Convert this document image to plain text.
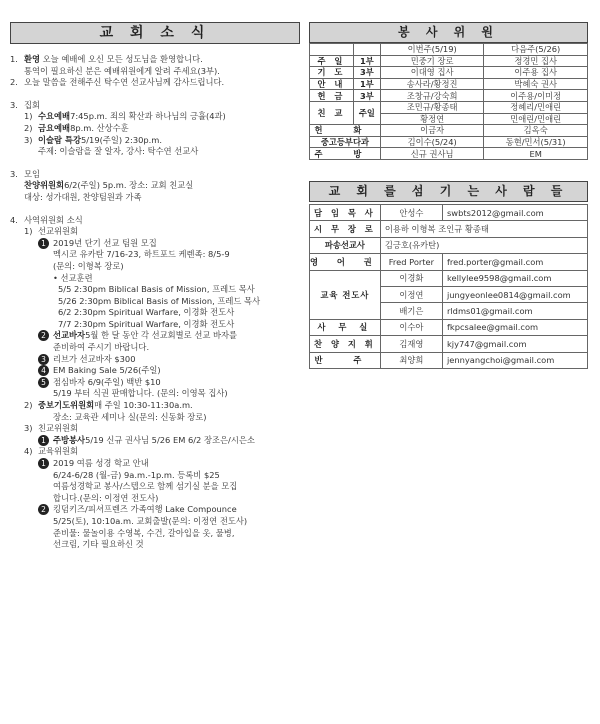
교 회 소 식
1. 환영 오늘 예배에 오신 모든 성도님을 환영합니다.
통역이 필요하신 분은 예배위원에게 알려 주세요(3부).
2. 오늘 말씀을 전해주신 탁수연 선교사님께 감사드립니다.
3. 집회
1) 수요예배 7:45p.m. 죄의 확산과 하나님의 긍휼(4과)
2) 금요예배 8p.m. 산상수훈
3) 이슬람 특강 5/19(주일) 2:30p.m.
주제: 이슬람을 잘 알자, 강사: 탁수연 선교사
3. 모임
찬양위원회 6/2(주일) 5p.m. 장소: 교회 친교실
대상: 성가대원, 찬양팀원과 가족
4. 사역위원회 소식
1) 선교위원회
1 2019년 단기 선교 팀원 모집
멕시코 유카탄 7/16-23, 하트포드 케렌족: 8/5-9
(문의: 이형복 장로)
• 선교훈련
5/5 2:30pm Biblical Basis of Mission, 프레드 목사
5/26 2:30pm Biblical Basis of Mission, 프레드 목사
6/2 2:30pm Spiritual Warfare, 이경화 전도사
7/7 2:30pm Spiritual Warfare, 이경화 전도사
2 선교바자 5월 한 달 동안 각 선교회별로 선교 바자를
준비하여 주시기 바랍니다.
3 리브가 선교바자 $300
4 EM Baking Sale 5/26(주일)
5 점심바자 6/9(주일) 백반 $10
5/19 부터 식권 판매합니다. (문의: 이영목 집사)
2) 중보기도위원회 매 주일 10:30-11:30a.m.
장소: 교육관 세미나 실(문의: 신동화 장로)
3) 친교위원회
1 주방봉사 5/19 신규 권사님 5/26 EM 6/2 장조은/시은소
4) 교육위원회
1 2019 여름 성경 학교 안내
6/24-6/28 (월-금) 9a.m.-1p.m. 등록비 $25
여름성경학교 봉사/스텝으로 함께 섬기실 분을 모집
합니다.(문의: 이정연 전도사)
2 킹덤키즈/피셔프렌즈 가족여행 Lake Compounce
5/25(토), 10:10a.m. 교회출발(문의: 이정연 전도사)
준비물: 물놀이용 수영복, 수건, 갈아입을 옷, 물병,
선크림, 기타 필요하신 것
봉 사 위 원
		이번주(5/19)	다음주(5/26)
주 일	1부	민중기 장로	정경민 집사
기 도	3부	이대영 집사	이주용 집사
안 내	1부	송사라/황정진	박혜숙 권사
헌 금	3부	조창규/강숙희	이주용/이미정
친 교	주일	조민규/황종태	정혜리/민애린
		황정연	민애린/민애린
헌 화		이금자	김옥숙
중고등부다과		김이수(5/24)	동현/민서(5/31)
주 방		신규 권사님	EM
교 회 를 섬 기 는 사 람 들
담 임 목 사	안성수	swbts2012@gmail.com
시 무 장 로	이용하 이형복 조인규 황종태	
파송선교사	김긍호(유카탄)	
영 어 권	Fred Porter	fred.porter@gmail.com
교육 전도사	이경화	kellylee9598@gmail.com
	이정연	jungyeonlee0814@gmail.com
	배기은	rldms01@gmail.com
사 무 실	이수아	fkpcsalee@gmail.com
찬 양 지 휘	김재영	kjy747@gmail.com
반 주	최양희	jennyangchoi@gmail.com
